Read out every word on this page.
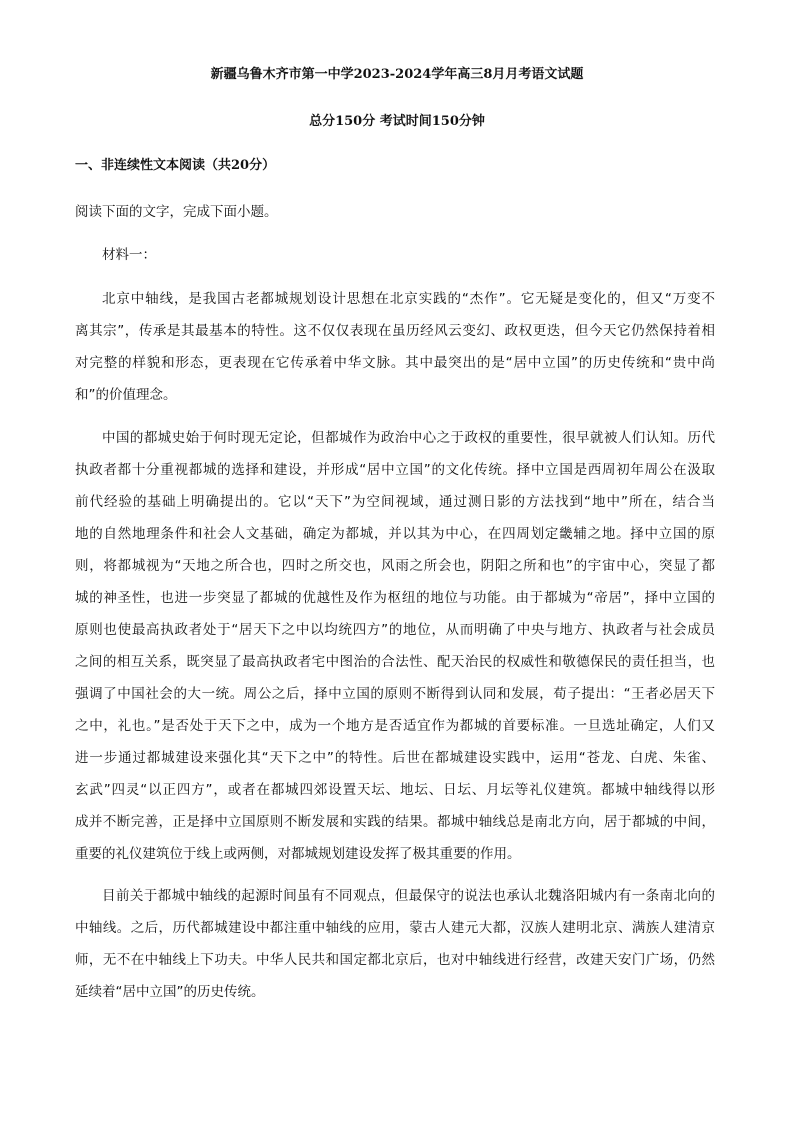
新疆乌鲁木齐市第一中学2023-2024学年高三8月月考语文试题
总分150分 考试时间150分钟
一、非连续性文本阅读（共20分）
阅读下面的文字，完成下面小题。
材料一：
北京中轴线，是我国古老都城规划设计思想在北京实践的“杰作”。它无疑是变化的，但又“万变不
离其宗”，传承是其最基本的特性。这不仅仅表现在虽历经风云变幻、政权更迭，但今天它仍然保持着相
对完整的样貌和形态，更表现在它传承着中华文脉。其中最突出的是“居中立国”的历史传统和“贵中尚
和”的价值理念。
中国的都城史始于何时现无定论，但都城作为政治中心之于政权的重要性，很早就被人们认知。历代
执政者都十分重视都城的选择和建设，并形成“居中立国”的文化传统。择中立国是西周初年周公在汲取
前代经验的基础上明确提出的。它以“天下”为空间视域，通过测日影的方法找到“地中”所在，结合当
地的自然地理条件和社会人文基础，确定为都城，并以其为中心，在四周划定畿辅之地。择中立国的原
则，将都城视为“天地之所合也，四时之所交也，风雨之所会也，阴阳之所和也”的宇宙中心，突显了都
城的神圣性，也进一步突显了都城的优越性及作为枢纽的地位与功能。由于都城为“帝居”，择中立国的
原则也使最高执政者处于“居天下之中以均统四方”的地位，从而明确了中央与地方、执政者与社会成员
之间的相互关系，既突显了最高执政者宅中图治的合法性、配天治民的权威性和敬德保民的责任担当，也
强调了中国社会的大一统。周公之后，择中立国的原则不断得到认同和发展，荀子提出：“王者必居天下
之中，礼也。”是否处于天下之中，成为一个地方是否适宜作为都城的首要标准。一旦选址确定，人们又
进一步通过都城建设来强化其“天下之中”的特性。后世在都城建设实践中，运用“苍龙、白虎、朱雀、
玄武”四灵“以正四方”，或者在都城四郊设置天坛、地坛、日坛、月坛等礼仪建筑。都城中轴线得以形
成并不断完善，正是择中立国原则不断发展和实践的结果。都城中轴线总是南北方向，居于都城的中间，
重要的礼仪建筑位于线上或两侧，对都城规划建设发挥了极其重要的作用。
目前关于都城中轴线的起源时间虽有不同观点，但最保守的说法也承认北魏洛阳城内有一条南北向的
中轴线。之后，历代都城建设中都注重中轴线的应用，蒙古人建元大都，汉族人建明北京、满族人建清京
师，无不在中轴线上下功夫。中华人民共和国定都北京后，也对中轴线进行经营，改建天安门广场，仍然
延续着“居中立国”的历史传统。
